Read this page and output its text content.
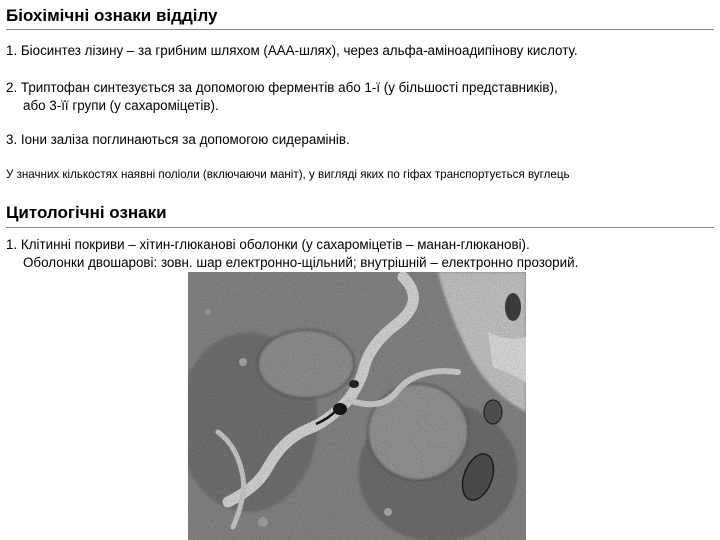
Біохімічні ознаки відділу

1. Біосинтез лізину – за грибним шляхом (ААА-шлях), через альфа-аміноадипінову кислоту.

2. Триптофан синтезується за допомогою ферментів або 1-ї (у більшості представників),
або 3-її групи (у сахароміцетів).

3. Іони заліза поглинаються за допомогою сидерамінів.

У значних кількостях наявні поліоли (включаючи маніт), у вигляді яких по гіфах транспортується вуглець

Цитологічні ознаки

1. Клітинні покриви – хітин-глюканові оболонки (у сахароміцетів – манан-глюканові).
Оболонки двошарові: зовн. шар електронно-щільний; внутрішній – електронно прозорий.
